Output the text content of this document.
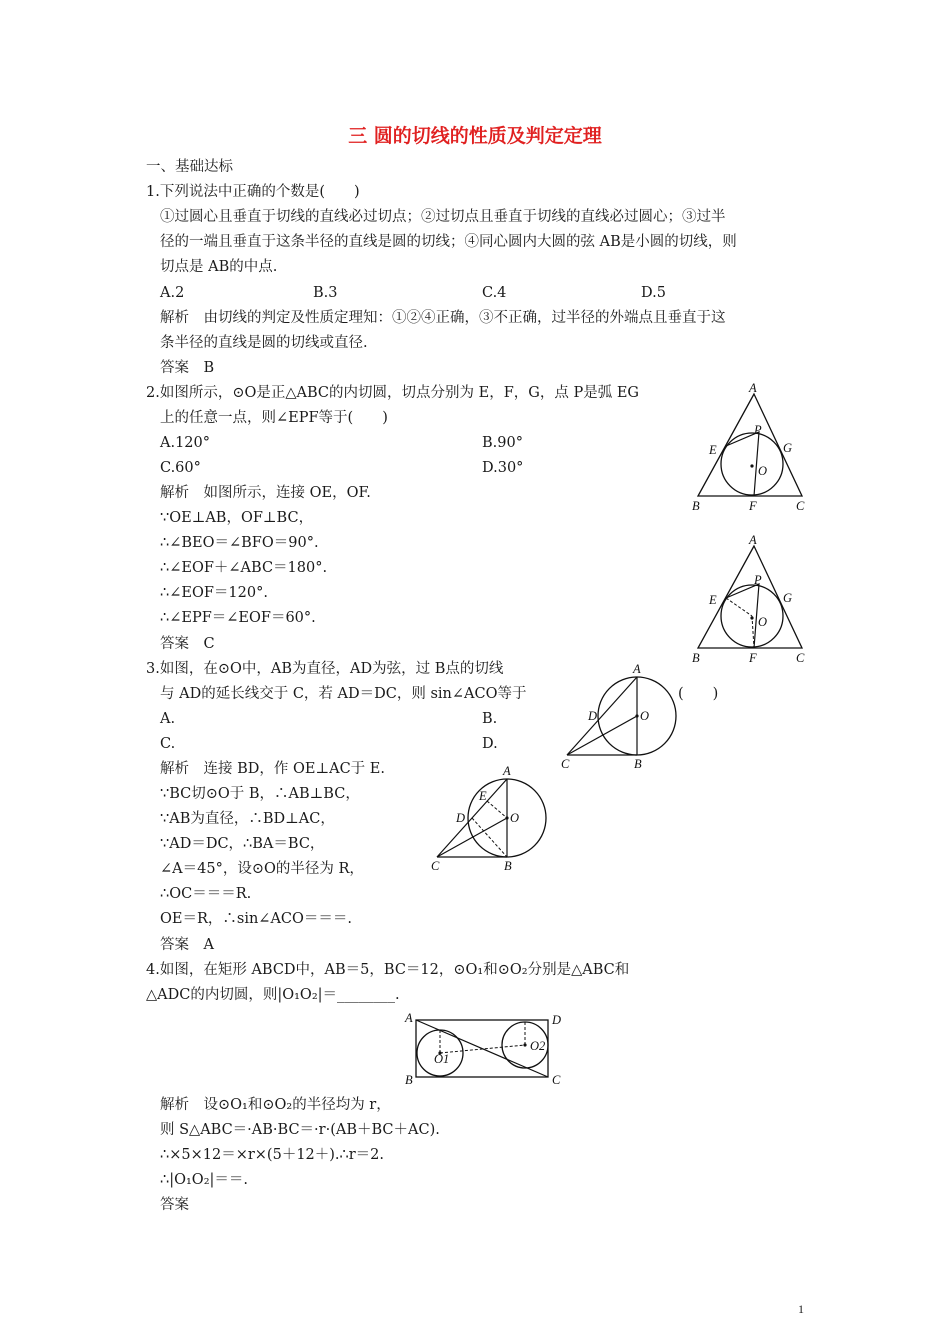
三 圆的切线的性质及判定定理
一、基础达标
1.下列说法中正确的个数是(　　)
①过圆心且垂直于切线的直线必过切点；②过切点且垂直于切线的直线必过圆心；③过半
径的一端且垂直于这条半径的直线是圆的切线；④同心圆内大圆的弦 AB是小圆的切线，则
切点是 AB的中点.
A.2	B.3	C.4	D.5
解析　由切线的判定及性质定理知：①②④正确，③不正确，过半径的外端点且垂直于这
条半径的直线是圆的切线或直径.
答案　B
2.如图所示，⊙O是正△ABC的内切圆，切点分别为 E，F，G，点 P是弧 EG
上的任意一点，则∠EPF等于(　　)
A.120°	B.90°
C.60°	D.30°
解析　如图所示，连接 OE，OF.
∵OE⊥AB，OF⊥BC，
∴∠BEO＝∠BFO＝90°.
∴∠EOF＋∠ABC＝180°.
∴∠EOF＝120°.
∴∠EPF＝∠EOF＝60°.
答案　C
A
B	C
E
F
G
P
O
A
B	C
E
F
G
P
O
3.如图，在⊙O中，AB为直径，AD为弦，过 B点的切线
与 AD的延长线交于 C，若 AD＝DC，则 sin∠ACO等于	(　　)
A.	B.
C.	D.
解析　连接 BD，作 OE⊥AC于 E.
∵BC切⊙O于 B，∴AB⊥BC，
∵AB为直径，∴BD⊥AC，
∵AD＝DC，∴BA＝BC，
∠A＝45°，设⊙O的半径为 R，
∴OC＝＝＝R.
OE＝R，∴sin∠ACO＝＝＝.
答案　A
A
B
C
D	O
A
B
C
D	O
E
4.如图，在矩形 ABCD中，AB＝5，BC＝12，⊙O₁和⊙O₂分别是△ABC和
△ADC的内切圆，则|O₁O₂|＝________.
A
B	C
D
O1
O2
解析　设⊙O₁和⊙O₂的半径均为 r，
则 S△ABC＝·AB·BC＝·r·(AB＋BC＋AC).
∴×5×12＝×r×(5＋12＋).∴r＝2.
∴|O₁O₂|＝＝.
答案
1
